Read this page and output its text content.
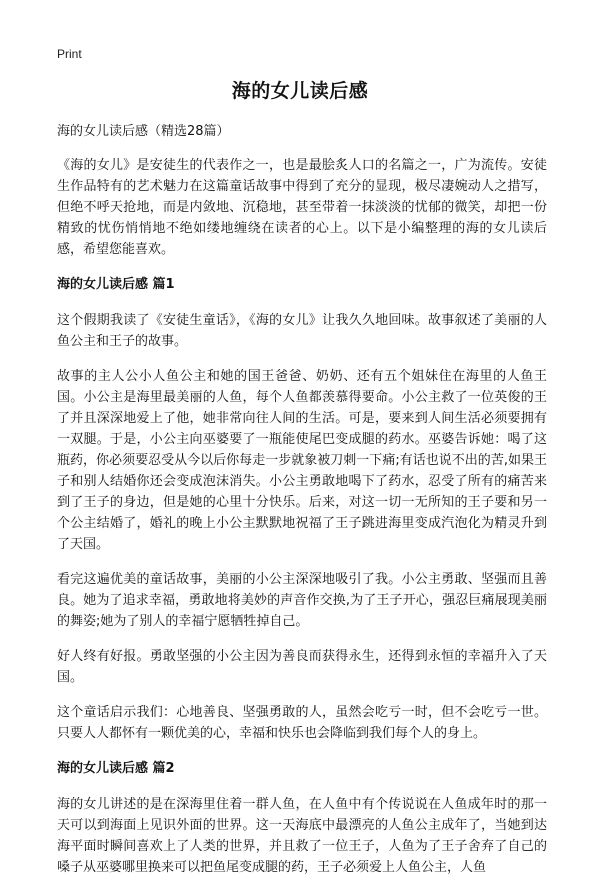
Print
海的女儿读后感

海的女儿读后感（精选28篇）

《海的女儿》是安徒生的代表作之一，也是最脍炙人口的名篇之一，广为流传。安徒生作品特有的艺术魅力在这篇童话故事中得到了充分的显现，极尽凄婉动人之措写，但绝不呼天抢地，而是内敛地、沉稳地，甚至带着一抹淡淡的忧郁的微笑，却把一份精致的忧伤悄悄地不绝如缕地缠绕在读者的心上。以下是小编整理的海的女儿读后感，希望您能喜欢。

海的女儿读后感 篇1

这个假期我读了《安徒生童话》，《海的女儿》让我久久地回味。故事叙述了美丽的人鱼公主和王子的故事。

故事的主人公小人鱼公主和她的国王爸爸、奶奶、还有五个姐妹住在海里的人鱼王国。小公主是海里最美丽的人鱼，每个人鱼都羡慕得要命。小公主救了一位英俊的王了并且深深地爱上了他，她非常向往人间的生活。可是，要来到人间生活必须要拥有一双腿。于是，小公主向巫婆要了一瓶能使尾巴变成腿的药水。巫婆告诉她：喝了这瓶药，你必须要忍受从今以后你每走一步就象被刀刺一下痛;有话也说不出的苦,如果王子和别人结婚你还会变成泡沫消失。小公主勇敢地喝下了药水，忍受了所有的痛苦来到了王子的身边，但是她的心里十分快乐。后来，对这一切一无所知的王子要和另一个公主结婚了，婚礼的晚上小公主默默地祝福了王子跳进海里变成汽泡化为精灵升到了天国。

看完这遍优美的童话故事，美丽的小公主深深地吸引了我。小公主勇敢、坚强而且善良。她为了追求幸福，勇敢地将美妙的声音作交换,为了王子开心，强忍巨痛展现美丽的舞姿;她为了别人的幸福宁愿牺牲掉自己。

好人终有好报。勇敢坚强的小公主因为善良而获得永生，还得到永恒的幸福升入了天国。

这个童话启示我们：心地善良、坚强勇敢的人，虽然会吃亏一时，但不会吃亏一世。只要人人都怀有一颗优美的心，幸福和快乐也会降临到我们每个人的身上。

海的女儿读后感 篇2

海的女儿讲述的是在深海里住着一群人鱼，在人鱼中有个传说说在人鱼成年时的那一天可以到海面上见识外面的世界。这一天海底中最漂亮的人鱼公主成年了，当她到达海平面时瞬间喜欢上了人类的世界，并且救了一位王子，人鱼为了王子舍弃了自己的嗓子从巫婆哪里换来可以把鱼尾变成腿的药，王子必须爱上人鱼公主，人鱼
